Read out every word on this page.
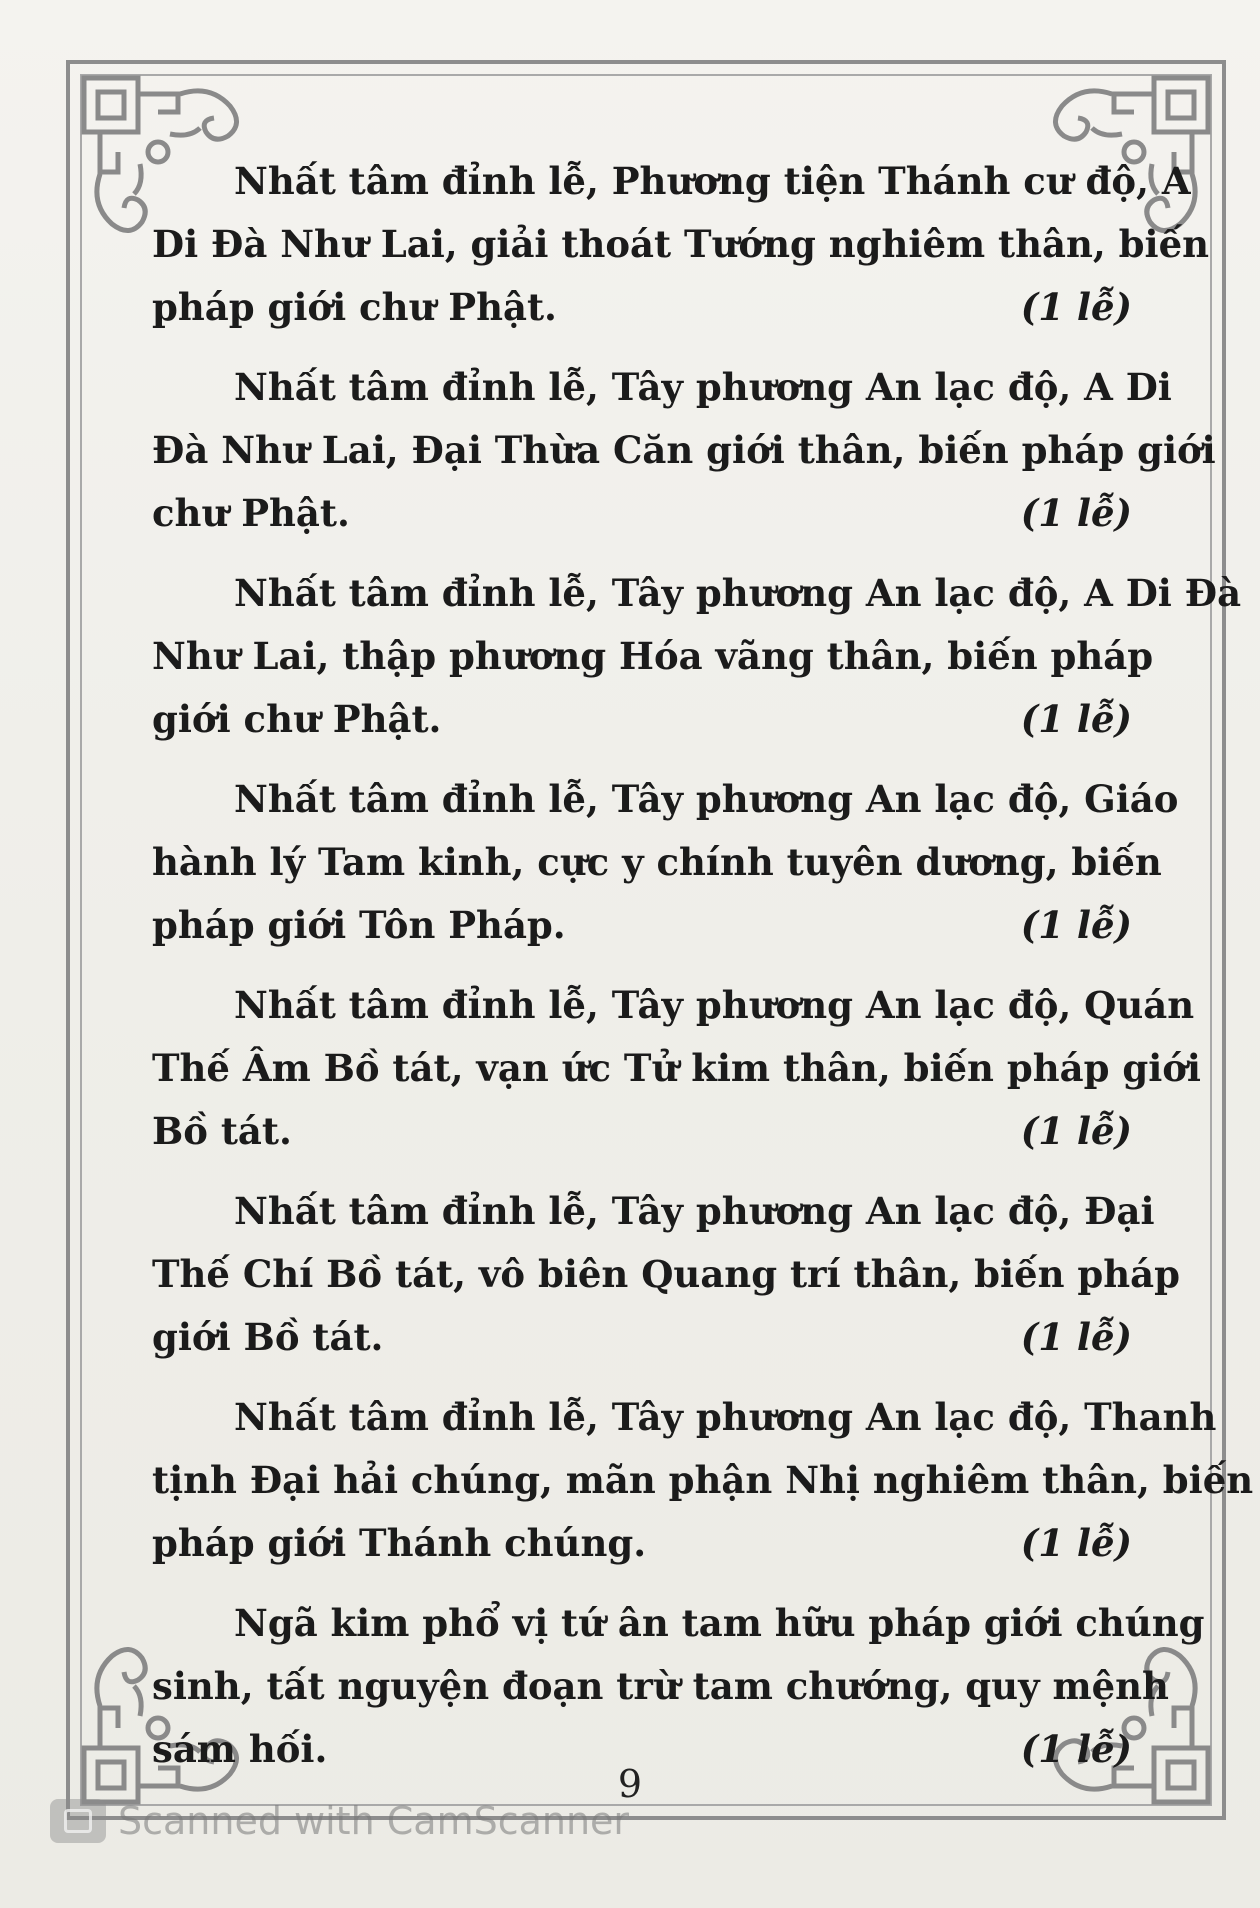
Nhất tâm đỉnh lễ, Phương tiện Thánh cư độ, A
Di Đà Như Lai, giải thoát Tướng nghiêm thân, biến
pháp giới chư Phật.	(1 lễ)
Nhất tâm đỉnh lễ, Tây phương An lạc độ, A Di
Đà Như Lai, Đại Thừa Căn giới thân, biến pháp giới
chư Phật.	(1 lễ)
Nhất tâm đỉnh lễ, Tây phương An lạc độ, A Di Đà
Như Lai, thập phương Hóa vãng thân, biến pháp
giới chư Phật.	(1 lễ)
Nhất tâm đỉnh lễ, Tây phương An lạc độ, Giáo
hành lý Tam kinh, cực y chính tuyên dương, biến
pháp giới Tôn Pháp.	(1 lễ)
Nhất tâm đỉnh lễ, Tây phương An lạc độ, Quán
Thế Âm Bồ tát, vạn ức Tử kim thân, biến pháp giới
Bồ tát.	(1 lễ)
Nhất tâm đỉnh lễ, Tây phương An lạc độ, Đại
Thế Chí Bồ tát, vô biên Quang trí thân, biến pháp
giới Bồ tát.	(1 lễ)
Nhất tâm đỉnh lễ, Tây phương An lạc độ, Thanh
tịnh Đại hải chúng, mãn phận Nhị nghiêm thân, biến
pháp giới Thánh chúng.	(1 lễ)
Ngã kim phổ vị tứ ân tam hữu pháp giới chúng
sinh, tất nguyện đoạn trừ tam chướng, quy mệnh
sám hối.	(1 lễ)
9
Scanned with CamScanner
